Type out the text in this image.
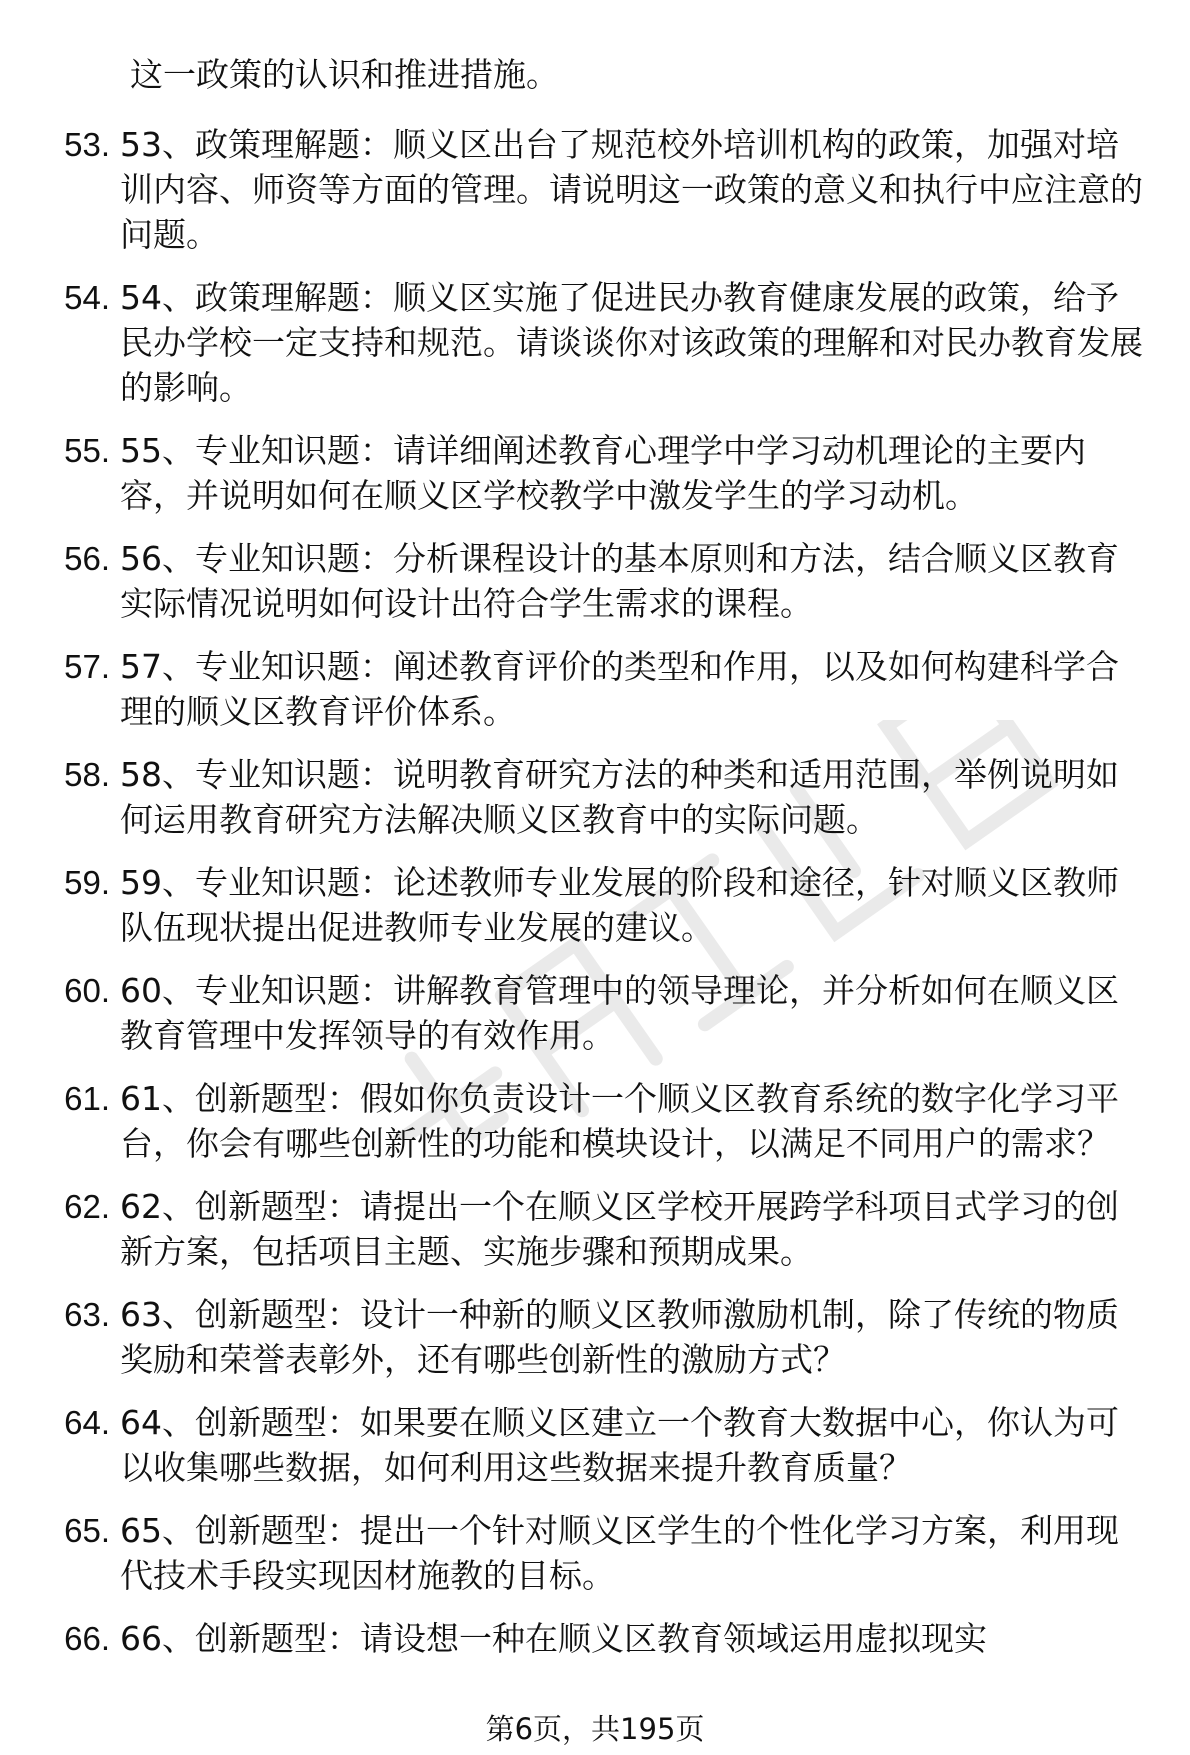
这一政策的认识和推进措施。
53. 53、政策理解题：顺义区出台了规范校外培训机构的政策，加强对培训内容、师资等方面的管理。请说明这一政策的意义和执行中应注意的问题。
54. 54、政策理解题：顺义区实施了促进民办教育健康发展的政策，给予民办学校一定支持和规范。请谈谈你对该政策的理解和对民办教育发展的影响。
55. 55、专业知识题：请详细阐述教育心理学中学习动机理论的主要内容，并说明如何在顺义区学校教学中激发学生的学习动机。
56. 56、专业知识题：分析课程设计的基本原则和方法，结合顺义区教育实际情况说明如何设计出符合学生需求的课程。
57. 57、专业知识题：阐述教育评价的类型和作用，以及如何构建科学合理的顺义区教育评价体系。
58. 58、专业知识题：说明教育研究方法的种类和适用范围，举例说明如何运用教育研究方法解决顺义区教育中的实际问题。
59. 59、专业知识题：论述教师专业发展的阶段和途径，针对顺义区教师队伍现状提出促进教师专业发展的建议。
60. 60、专业知识题：讲解教育管理中的领导理论，并分析如何在顺义区教育管理中发挥领导的有效作用。
61. 61、创新题型：假如你负责设计一个顺义区教育系统的数字化学习平台，你会有哪些创新性的功能和模块设计，以满足不同用户的需求？
62. 62、创新题型：请提出一个在顺义区学校开展跨学科项目式学习的创新方案，包括项目主题、实施步骤和预期成果。
63. 63、创新题型：设计一种新的顺义区教师激励机制，除了传统的物质奖励和荣誉表彰外，还有哪些创新性的激励方式？
64. 64、创新题型：如果要在顺义区建立一个教育大数据中心，你认为可以收集哪些数据，如何利用这些数据来提升教育质量？
65. 65、创新题型：提出一个针对顺义区学生的个性化学习方案，利用现代技术手段实现因材施教的目标。
66. 66、创新题型：请设想一种在顺义区教育领域运用虚拟现实
第6页，共195页
